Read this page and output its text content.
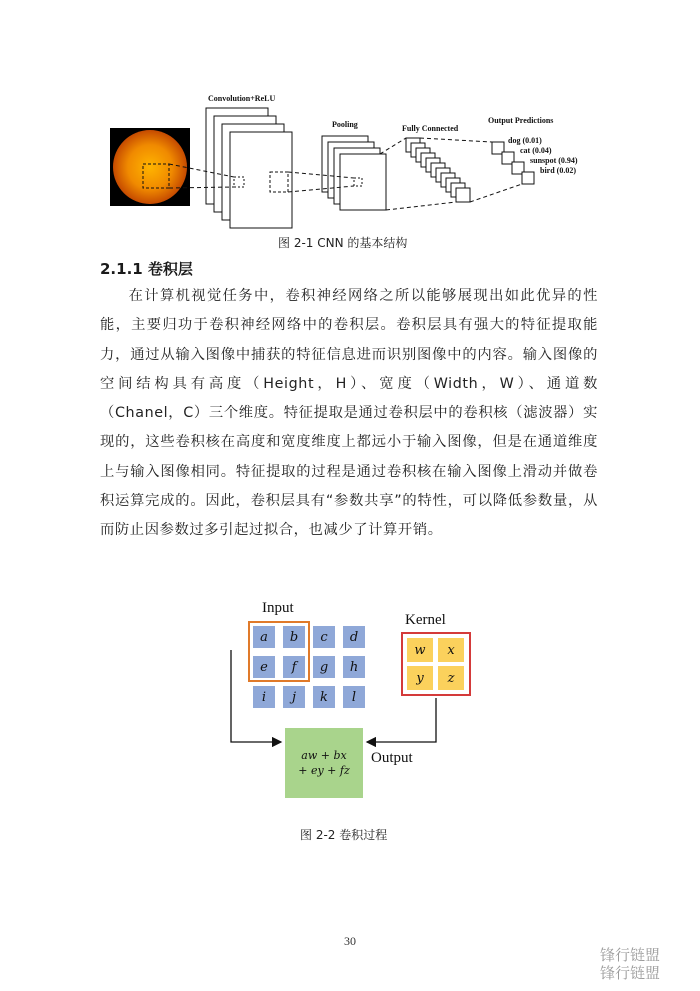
Convolution+ReLU
Pooling	Fully Connected
Output Predictions
dog (0.01)
cat (0.04)
sunspot (0.94)
bird (0.02)
图 2-1 CNN 的基本结构
2.1.1 卷积层
在计算机视觉任务中，卷积神经网络之所以能够展现出如此优异的性能，主要归功于卷积神经网络中的卷积层。卷积层具有强大的特征提取能力，通过从输入图像中捕获的特征信息进而识别图像中的内容。输入图像的空间结构具有高度（Height，H）、宽度（Width，W）、通道数（Chanel，C）三个维度。特征提取是通过卷积层中的卷积核（滤波器）实现的，这些卷积核在高度和宽度维度上都远小于输入图像，但是在通道维度上与输入图像相同。特征提取的过程是通过卷积核在输入图像上滑动并做卷积运算完成的。因此，卷积层具有“参数共享”的特性，可以降低参数量，从而防止因参数过多引起过拟合，也减少了计算开销。
Input
Kernel
a	b	c	d
e	f	g	h
i	j	k	l
w	x
y	z
aw + bx
+ ey + fz
Output
图 2-2 卷积过程
30
锋行链盟
锋行链盟
